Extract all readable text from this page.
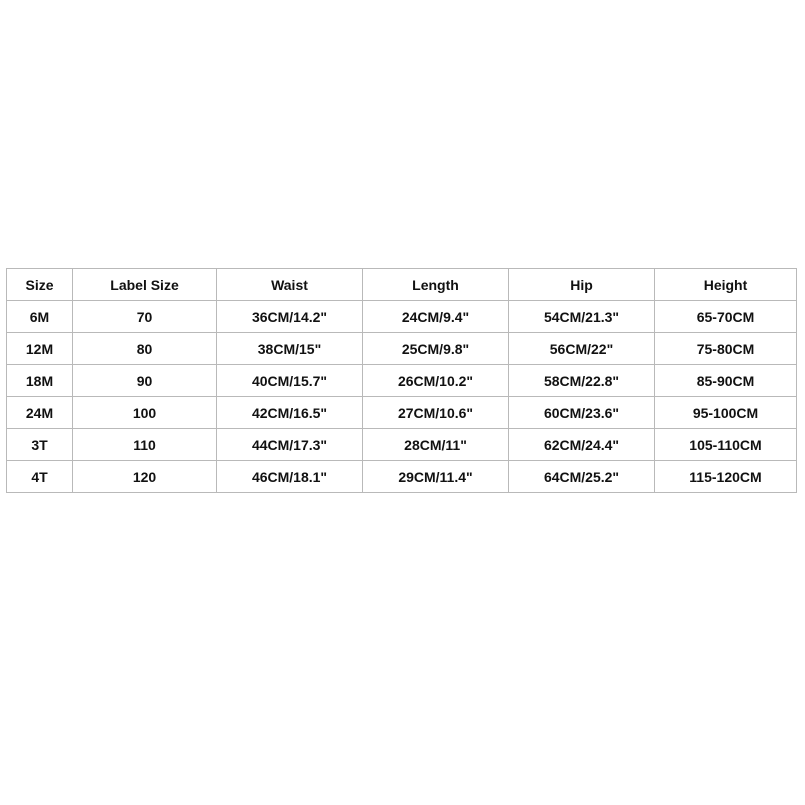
Size	Label Size	Waist	Length	Hip	Height
6M	70	36CM/14.2"	24CM/9.4"	54CM/21.3"	65-70CM
12M	80	38CM/15"	25CM/9.8"	56CM/22"	75-80CM
18M	90	40CM/15.7"	26CM/10.2"	58CM/22.8"	85-90CM
24M	100	42CM/16.5"	27CM/10.6"	60CM/23.6"	95-100CM
3T	110	44CM/17.3"	28CM/11"	62CM/24.4"	105-110CM
4T	120	46CM/18.1"	29CM/11.4"	64CM/25.2"	115-120CM
